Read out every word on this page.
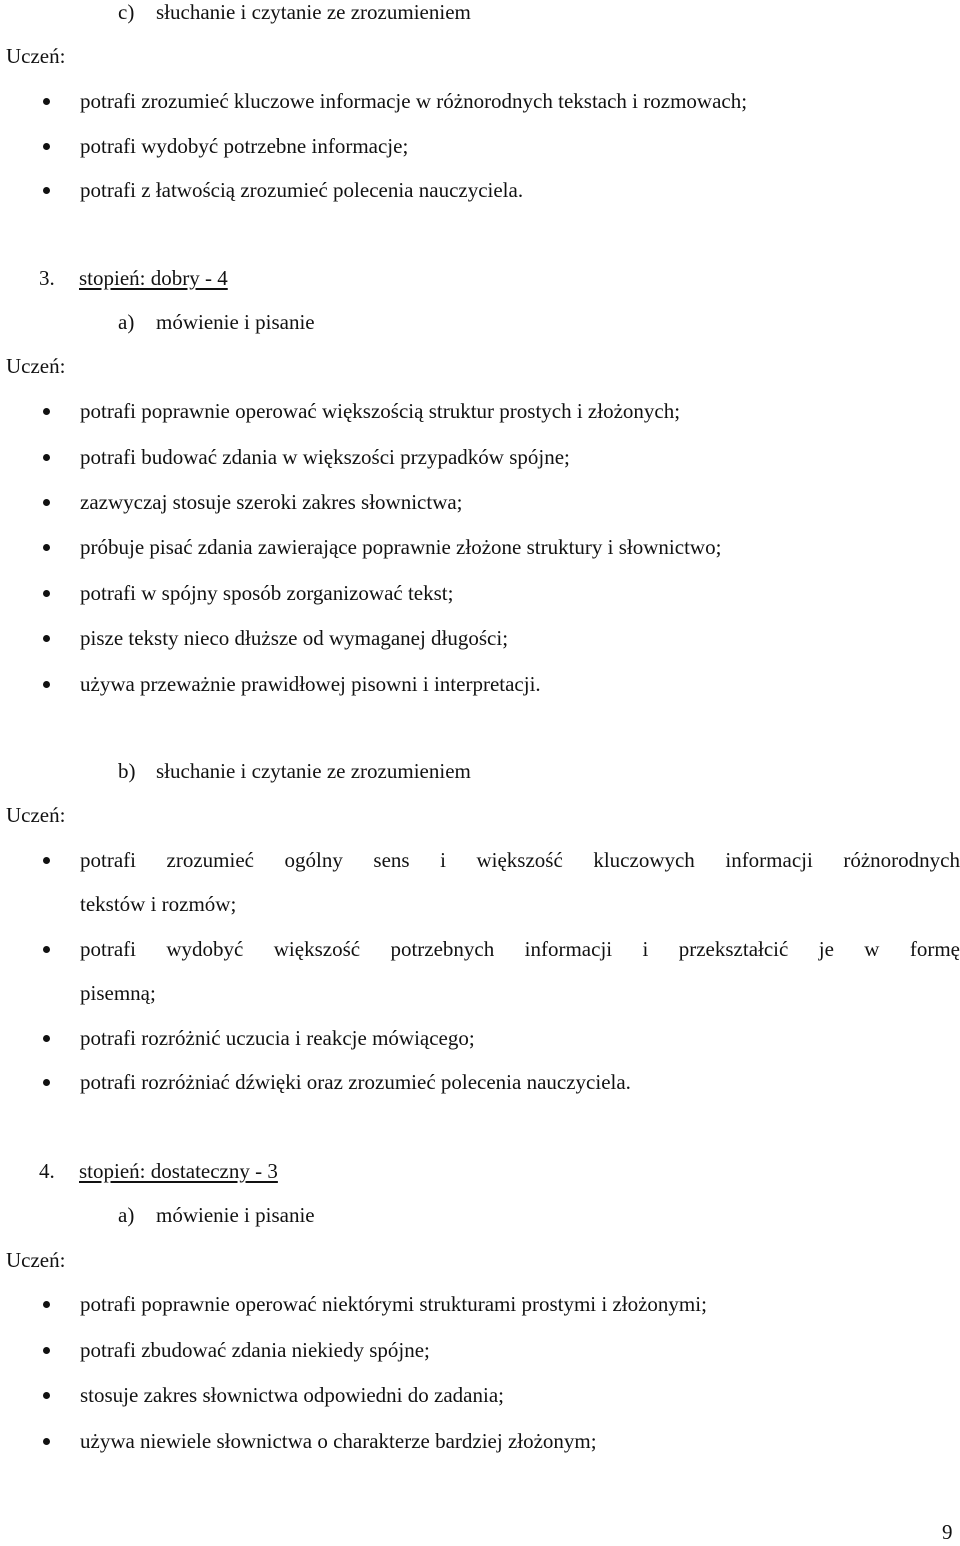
c) słuchanie i czytanie ze zrozumieniem
Uczeń:
potrafi zrozumieć kluczowe informacje w różnorodnych tekstach i rozmowach;
potrafi wydobyć potrzebne informacje;
potrafi z łatwością zrozumieć polecenia nauczyciela.
3. stopień: dobry - 4
a) mówienie i pisanie
Uczeń:
potrafi poprawnie operować większością struktur prostych i złożonych;
potrafi budować zdania w większości przypadków spójne;
zazwyczaj stosuje szeroki zakres słownictwa;
próbuje pisać zdania zawierające poprawnie złożone struktury i słownictwo;
potrafi w spójny sposób zorganizować tekst;
pisze teksty nieco dłuższe od wymaganej długości;
używa przeważnie prawidłowej pisowni i interpretacji.
b) słuchanie i czytanie ze zrozumieniem
Uczeń:
potrafi zrozumieć ogólny sens i większość kluczowych informacji różnorodnych
tekstów i rozmów;
potrafi wydobyć większość potrzebnych informacji i przekształcić je w formę
pisemną;
potrafi rozróżnić uczucia i reakcje mówiącego;
potrafi rozróżniać dźwięki oraz zrozumieć polecenia nauczyciela.
4. stopień: dostateczny - 3
a) mówienie i pisanie
Uczeń:
potrafi poprawnie operować niektórymi strukturami prostymi i złożonymi;
potrafi zbudować zdania niekiedy spójne;
stosuje zakres słownictwa odpowiedni do zadania;
używa niewiele słownictwa o charakterze bardziej złożonym;
9
